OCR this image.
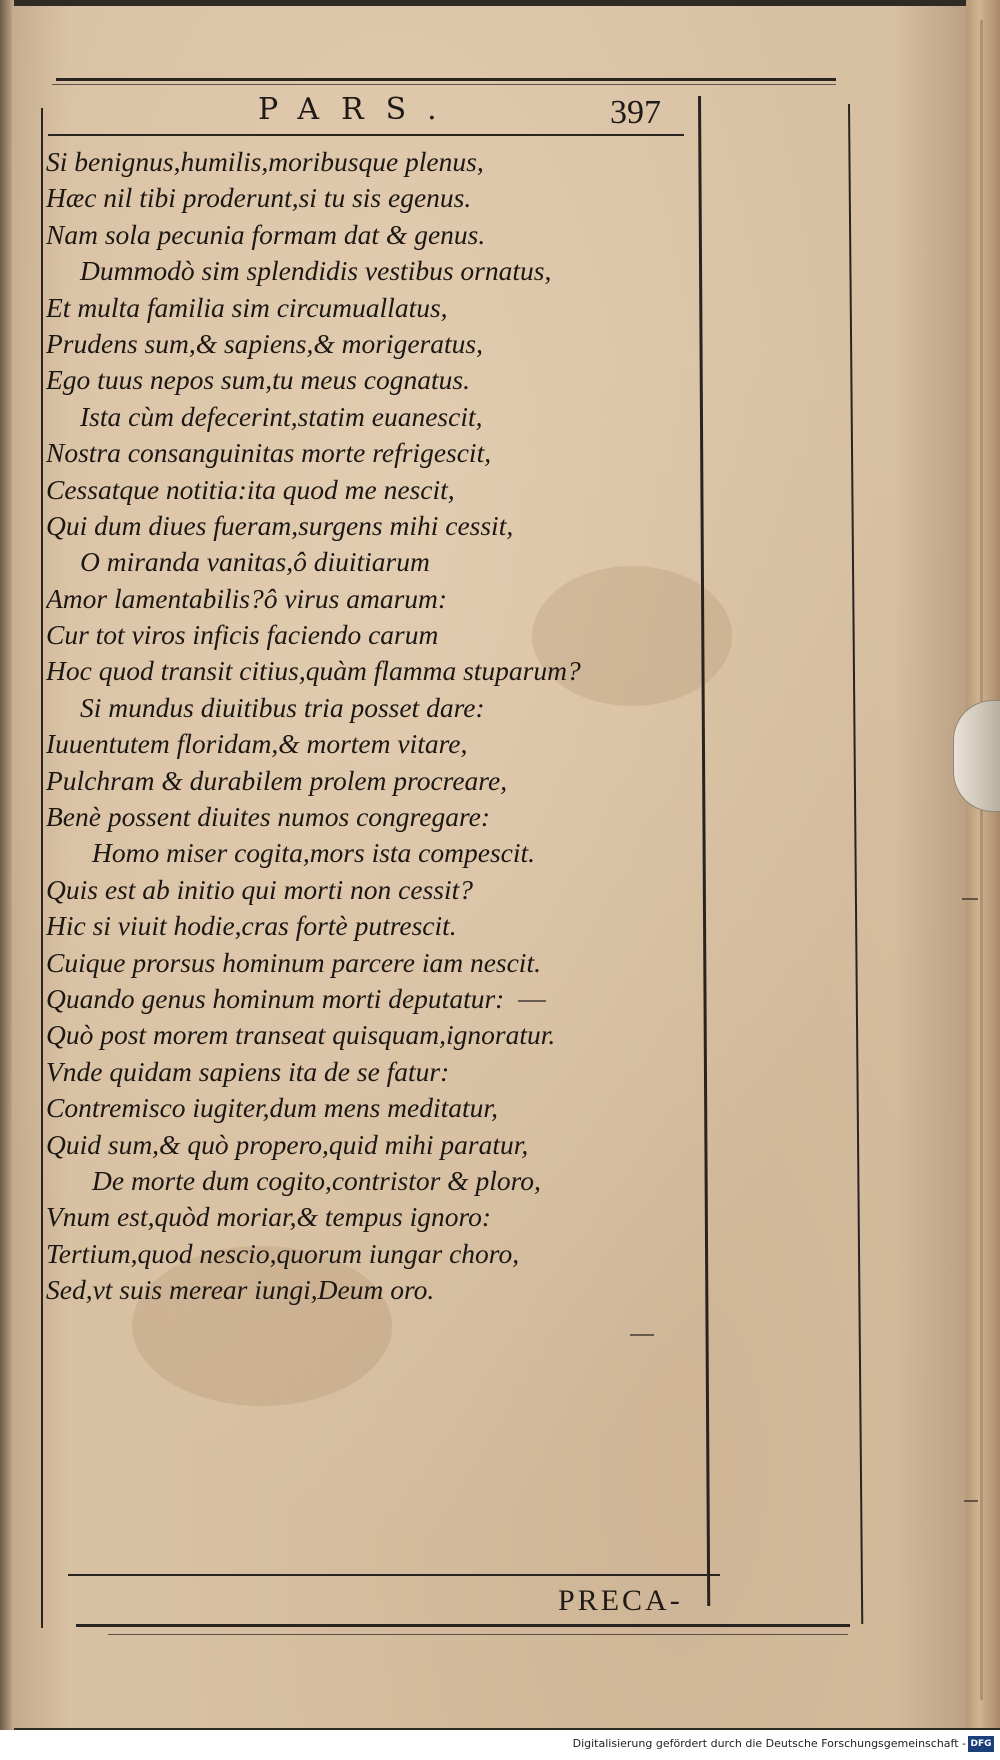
PARS.	397
Si benignus,humilis,moribusque plenus,
Hæc nil tibi proderunt,si tu sis egenus.
Nam sola pecunia formam dat & genus.
Dummodò sim splendidis vestibus ornatus,
Et multa familia sim circumuallatus,
Prudens sum,& sapiens,& morigeratus,
Ego tuus nepos sum,tu meus cognatus.
Ista cùm defecerint,statim euanescit,
Nostra consanguinitas morte refrigescit,
Cessatque notitia:ita quod me nescit,
Qui dum diues fueram,surgens mihi cessit,
O miranda vanitas,ô diuitiarum
Amor lamentabilis?ô virus amarum:
Cur tot viros inficis faciendo carum
Hoc quod transit citius,quàm flamma stuparum?
Si mundus diuitibus tria posset dare:
Iuuentutem floridam,& mortem vitare,
Pulchram & durabilem prolem procreare,
Benè possent diuites numos congregare:
Homo miser cogita,mors ista compescit.
Quis est ab initio qui morti non cessit?
Hic si viuit hodie,cras fortè putrescit.
Cuique prorsus hominum parcere iam nescit.
Quando genus hominum morti deputatur:
Quò post morem transeat quisquam,ignoratur.
Vnde quidam sapiens ita de se fatur:
Contremisco iugiter,dum mens meditatur,
Quid sum,& quò propero,quid mihi paratur,
De morte dum cogito,contristor & ploro,
Vnum est,quòd moriar,& tempus ignoro:
Tertium,quod nescio,quorum iungar choro,
Sed,vt suis merear iungi,Deum oro.
PRECA-
Digitalisierung gefördert durch die Deutsche Forschungsgemeinschaft - DFG
